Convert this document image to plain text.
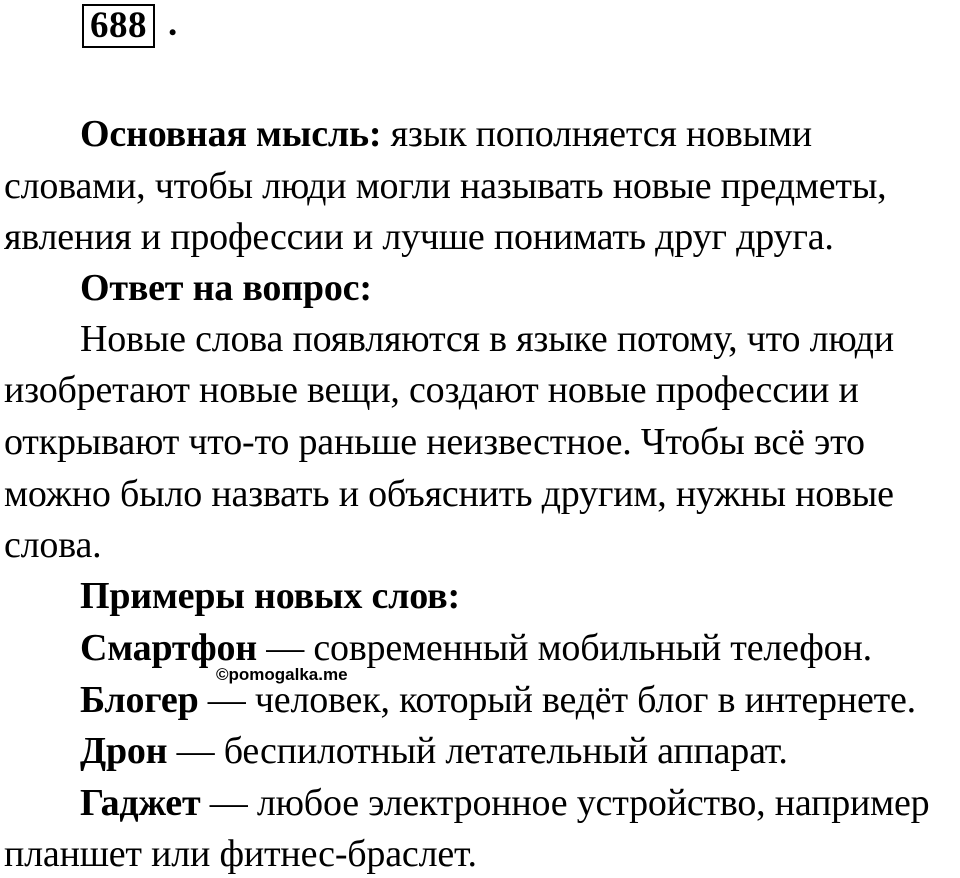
688 .
Основная мысль: язык пополняется новыми
словами, чтобы люди могли называть новые предметы,
явления и профессии и лучше понимать друг друга.
Ответ на вопрос:
Новые слова появляются в языке потому, что люди
изобретают новые вещи, создают новые профессии и
открывают что-то раньше неизвестное. Чтобы всё это
можно было назвать и объяснить другим, нужны новые
слова.
Примеры новых слов:
Смартфон — современный мобильный телефон.
Блогер — человек, который ведёт блог в интернете.
Дрон — беспилотный летательный аппарат.
Гаджет — любое электронное устройство, например
планшет или фитнес-браслет.
©pomogalka.me
